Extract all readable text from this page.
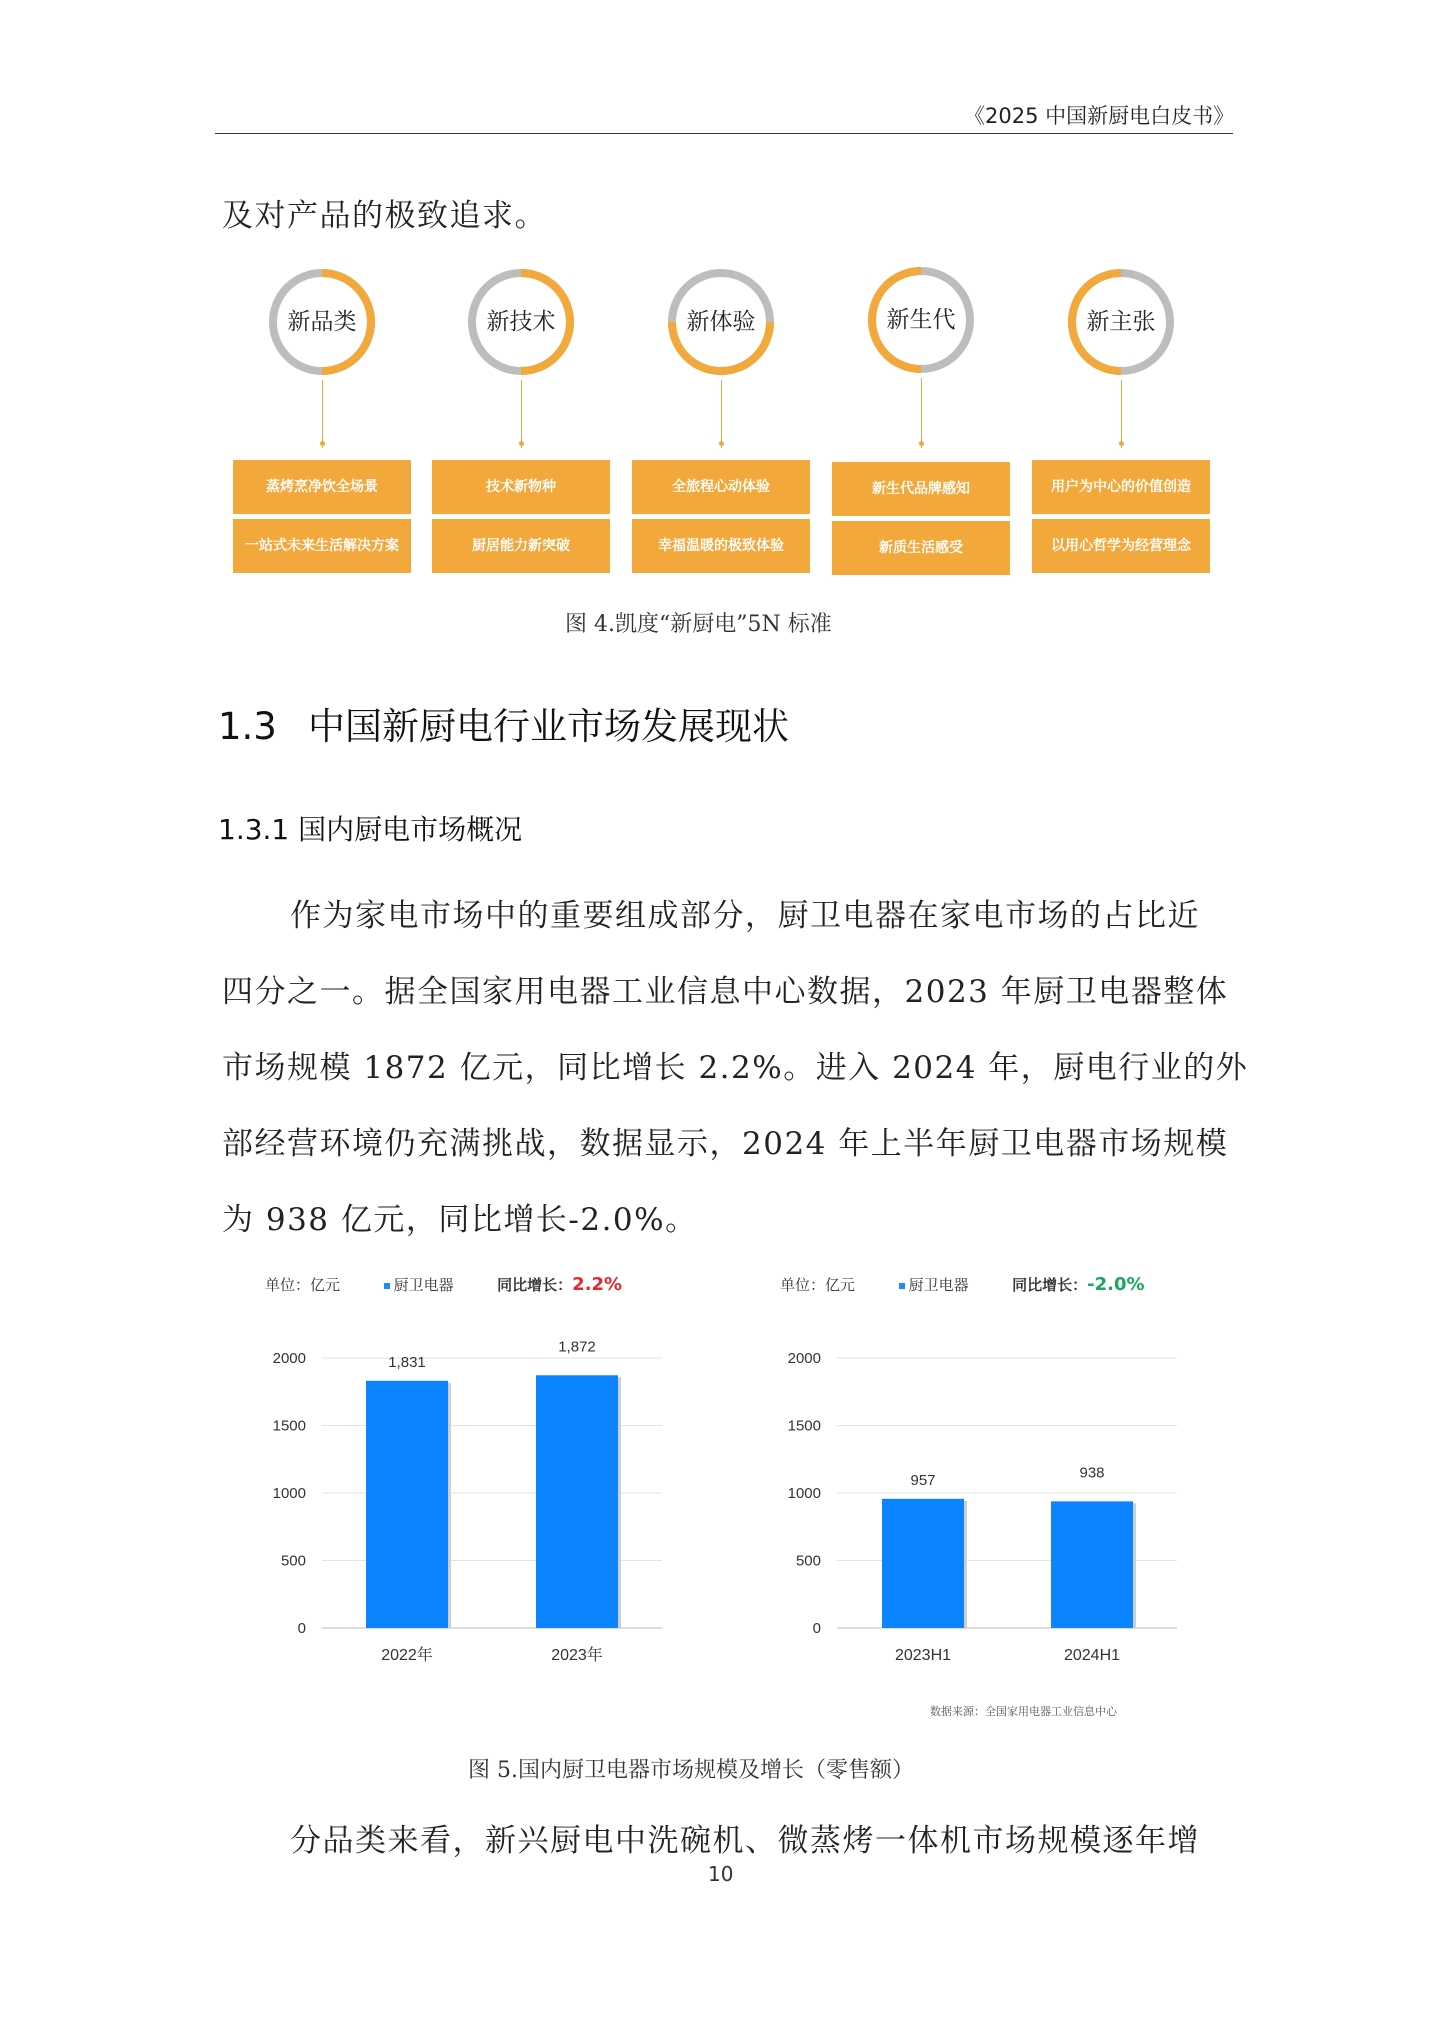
《2025 中国新厨电白皮书》
及对产品的极致追求。
新品类
蒸烤烹净饮全场景
一站式未来生活解决方案
新技术
技术新物种
厨居能力新突破
新体验
全旅程心动体验
幸福温暖的极致体验
新生代
新生代品牌感知
新质生活感受
新主张
用户为中心的价值创造
以用心哲学为经营理念
图 4.凯度“新厨电”5N 标准
1.3 中国新厨电行业市场发展现状
1.3.1 国内厨电市场概况
作为家电市场中的重要组成部分，厨卫电器在家电市场的占比近
四分之一。据全国家用电器工业信息中心数据，2023 年厨卫电器整体
市场规模 1872 亿元，同比增长 2.2%。进入 2024 年，厨电行业的外
部经营环境仍充满挑战，数据显示，2024 年上半年厨卫电器市场规模
为 938 亿元，同比增长-2.0%。
单位：亿元	厨卫电器	同比增长：2.2%	单位：亿元	厨卫电器	同比增长：-2.0%
0
500
1000
1500
2000	1,831
2022年
1,872
2023年
0
500
1000
1500
2000
957
2023H1
938
2024H1
数据来源：全国家用电器工业信息中心
图 5.国内厨卫电器市场规模及增长（零售额）
分品类来看，新兴厨电中洗碗机、微蒸烤一体机市场规模逐年增
10
